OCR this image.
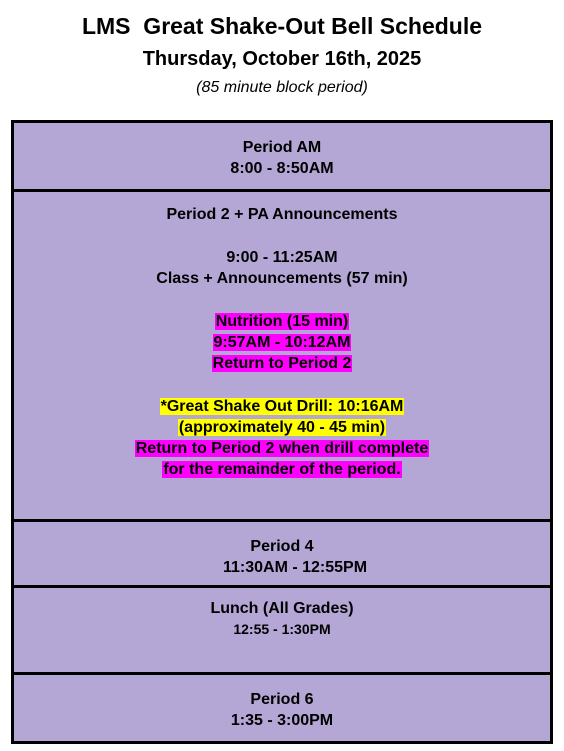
LMS  Great Shake-Out Bell Schedule
Thursday, October 16th, 2025
(85 minute block period)
Period AM
8:00 - 8:50AM
Period 2 + PA Announcements
9:00 - 11:25AM
Class + Announcements (57 min)
Nutrition (15 min)
9:57AM - 10:12AM
Return to Period 2
*Great Shake Out Drill: 10:16AM
(approximately 40 - 45 min)
Return to Period 2 when drill complete
for the remainder of the period.
Period 4
11:30AM - 12:55PM
Lunch (All Grades)
12:55 - 1:30PM
Period 6
1:35 - 3:00PM
